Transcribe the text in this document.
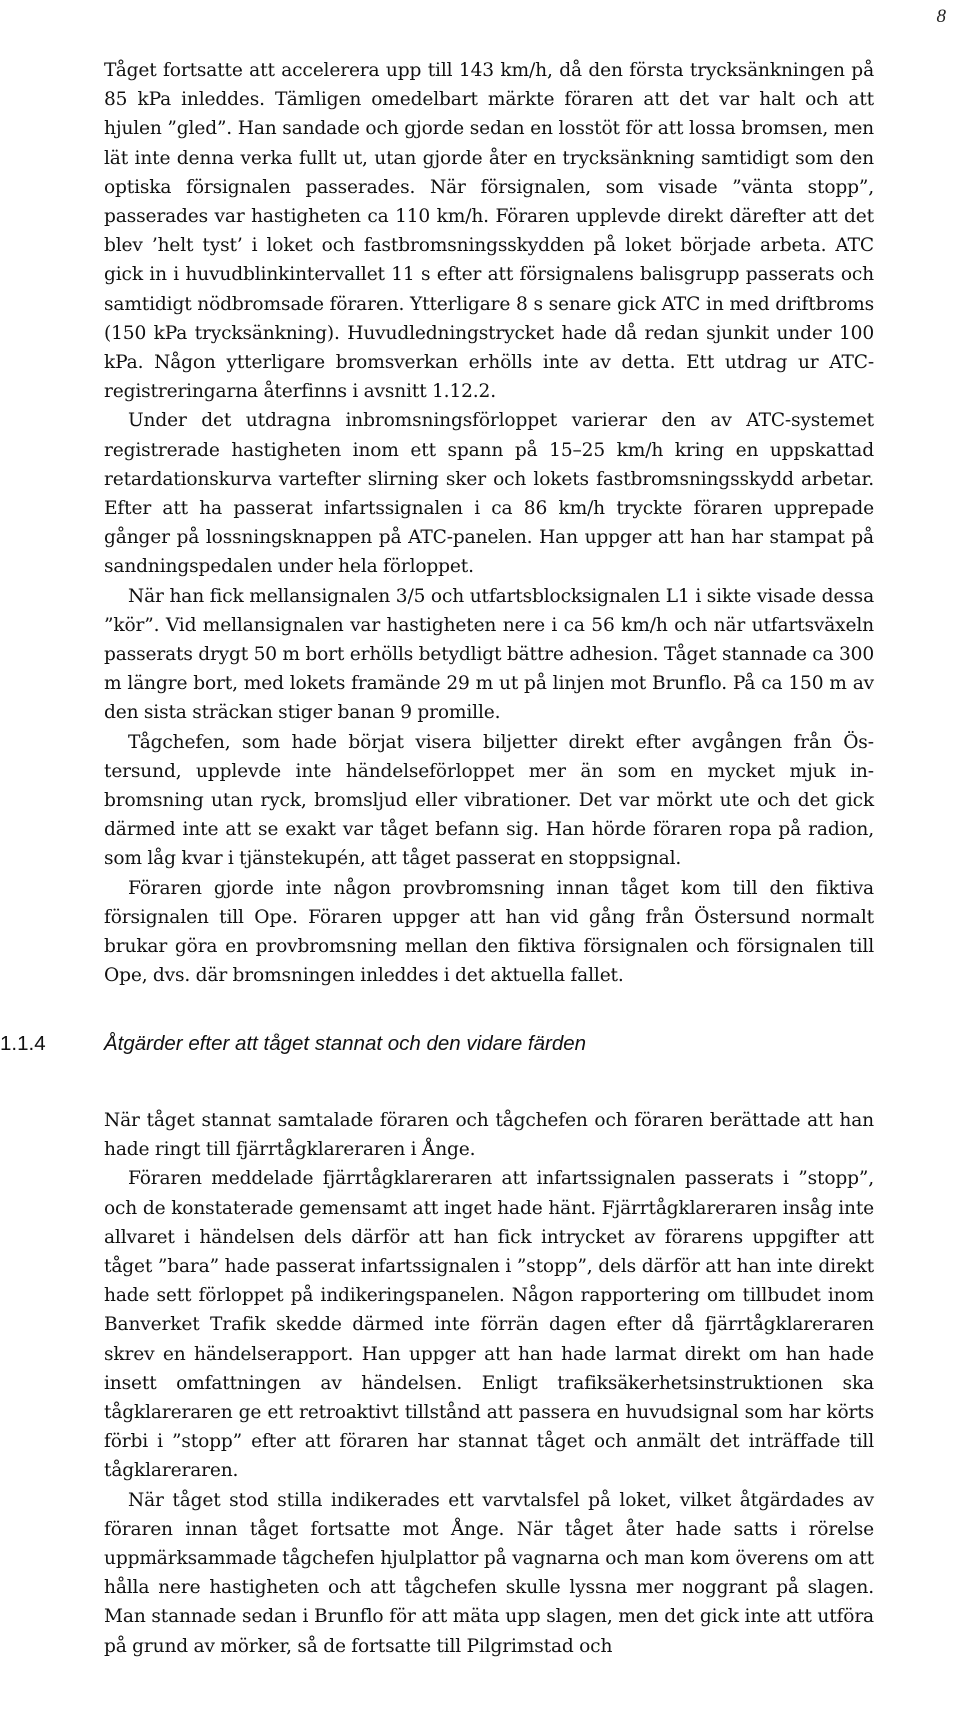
8

Tåget fortsatte att accelerera upp till 143 km/h, då den första trycksänkningen på 85 kPa inleddes. Tämligen omedelbart märkte föraren att det var halt och att hjulen ”gled”. Han sandade och gjorde sedan en losstöt för att lossa bromsen, men lät inte denna verka fullt ut, utan gjorde åter en trycksänkning samtidigt som den optiska försignalen passerades. När försignalen, som visade ”vänta stopp”, passerades var hastigheten ca 110 km/h. Föraren upplevde direkt därefter att det blev ’helt tyst’ i loket och fastbromsningsskydden på loket började arbeta. ATC gick in i huvudblinkintervallet 11 s efter att försignalens balisgrupp passerats och samtidigt nödbromsade föraren. Ytterligare 8 s senare gick ATC in med driftbroms (150 kPa trycksänkning). Huvudledningstrycket hade då redan sjunkit under 100 kPa. Någon ytterligare bromsverkan erhölls inte av detta. Ett utdrag ur ATC-registreringarna återfinns i avsnitt 1.12.2.

Under det utdragna inbromsningsförloppet varierar den av ATC-systemet registrerade hastigheten inom ett spann på 15–25 km/h kring en uppskattad retardationskurva vartefter slirning sker och lokets fastbromsningsskydd arbetar. Efter att ha passerat infartssignalen i ca 86 km/h tryckte föraren upprepade gånger på lossningsknappen på ATC-panelen. Han uppger att han har stampat på sandningspedalen under hela förloppet.

När han fick mellansignalen 3/5 och utfartsblocksignalen L1 i sikte visade dessa ”kör”. Vid mellansignalen var hastigheten nere i ca 56 km/h och när utfartsväxeln passerats drygt 50 m bort erhölls betydligt bättre adhesion. Tåget stannade ca 300 m längre bort, med lokets framände 29 m ut på linjen mot Brunflo. På ca 150 m av den sista sträckan stiger banan 9 promille.

Tågchefen, som hade börjat visera biljetter direkt efter avgången från Östersund, upplevde inte händelseförloppet mer än som en mycket mjuk inbromsning utan ryck, bromsljud eller vibrationer. Det var mörkt ute och det gick därmed inte att se exakt var tåget befann sig. Han hörde föraren ropa på radion, som låg kvar i tjänstekupén, att tåget passerat en stoppsignal.

Föraren gjorde inte någon provbromsning innan tåget kom till den fiktiva försignalen till Ope. Föraren uppger att han vid gång från Östersund normalt brukar göra en provbromsning mellan den fiktiva försignalen och försignalen till Ope, dvs. där bromsningen inleddes i det aktuella fallet.

1.1.4	Åtgärder efter att tåget stannat och den vidare färden

När tåget stannat samtalade föraren och tågchefen och föraren berättade att han hade ringt till fjärrtågklareraren i Ånge.

Föraren meddelade fjärrtågklareraren att infartssignalen passerats i ”stopp”, och de konstaterade gemensamt att inget hade hänt. Fjärrtågklareraren insåg inte allvaret i händelsen dels därför att han fick intrycket av förarens uppgifter att tåget ”bara” hade passerat infartssignalen i ”stopp”, dels därför att han inte direkt hade sett förloppet på indikeringspanelen. Någon rapportering om tillbudet inom Banverket Trafik skedde därmed inte förrän dagen efter då fjärrtågklareraren skrev en händelserapport. Han uppger att han hade larmat direkt om han hade insett omfattningen av händelsen. Enligt trafiksäkerhetsinstruktionen ska tågklareraren ge ett retroaktivt tillstånd att passera en huvudsignal som har körts förbi i ”stopp” efter att föraren har stannat tåget och anmält det inträffade till tågklareraren.

När tåget stod stilla indikerades ett varvtalsfel på loket, vilket åtgärdades av föraren innan tåget fortsatte mot Ånge. När tåget åter hade satts i rörelse uppmärksammade tågchefen hjulplattor på vagnarna och man kom överens om att hålla nere hastigheten och att tågchefen skulle lyssna mer noggrant på slagen. Man stannade sedan i Brunflo för att mäta upp slagen, men det gick inte att utföra på grund av mörker, så de fortsatte till Pilgrimstad och
